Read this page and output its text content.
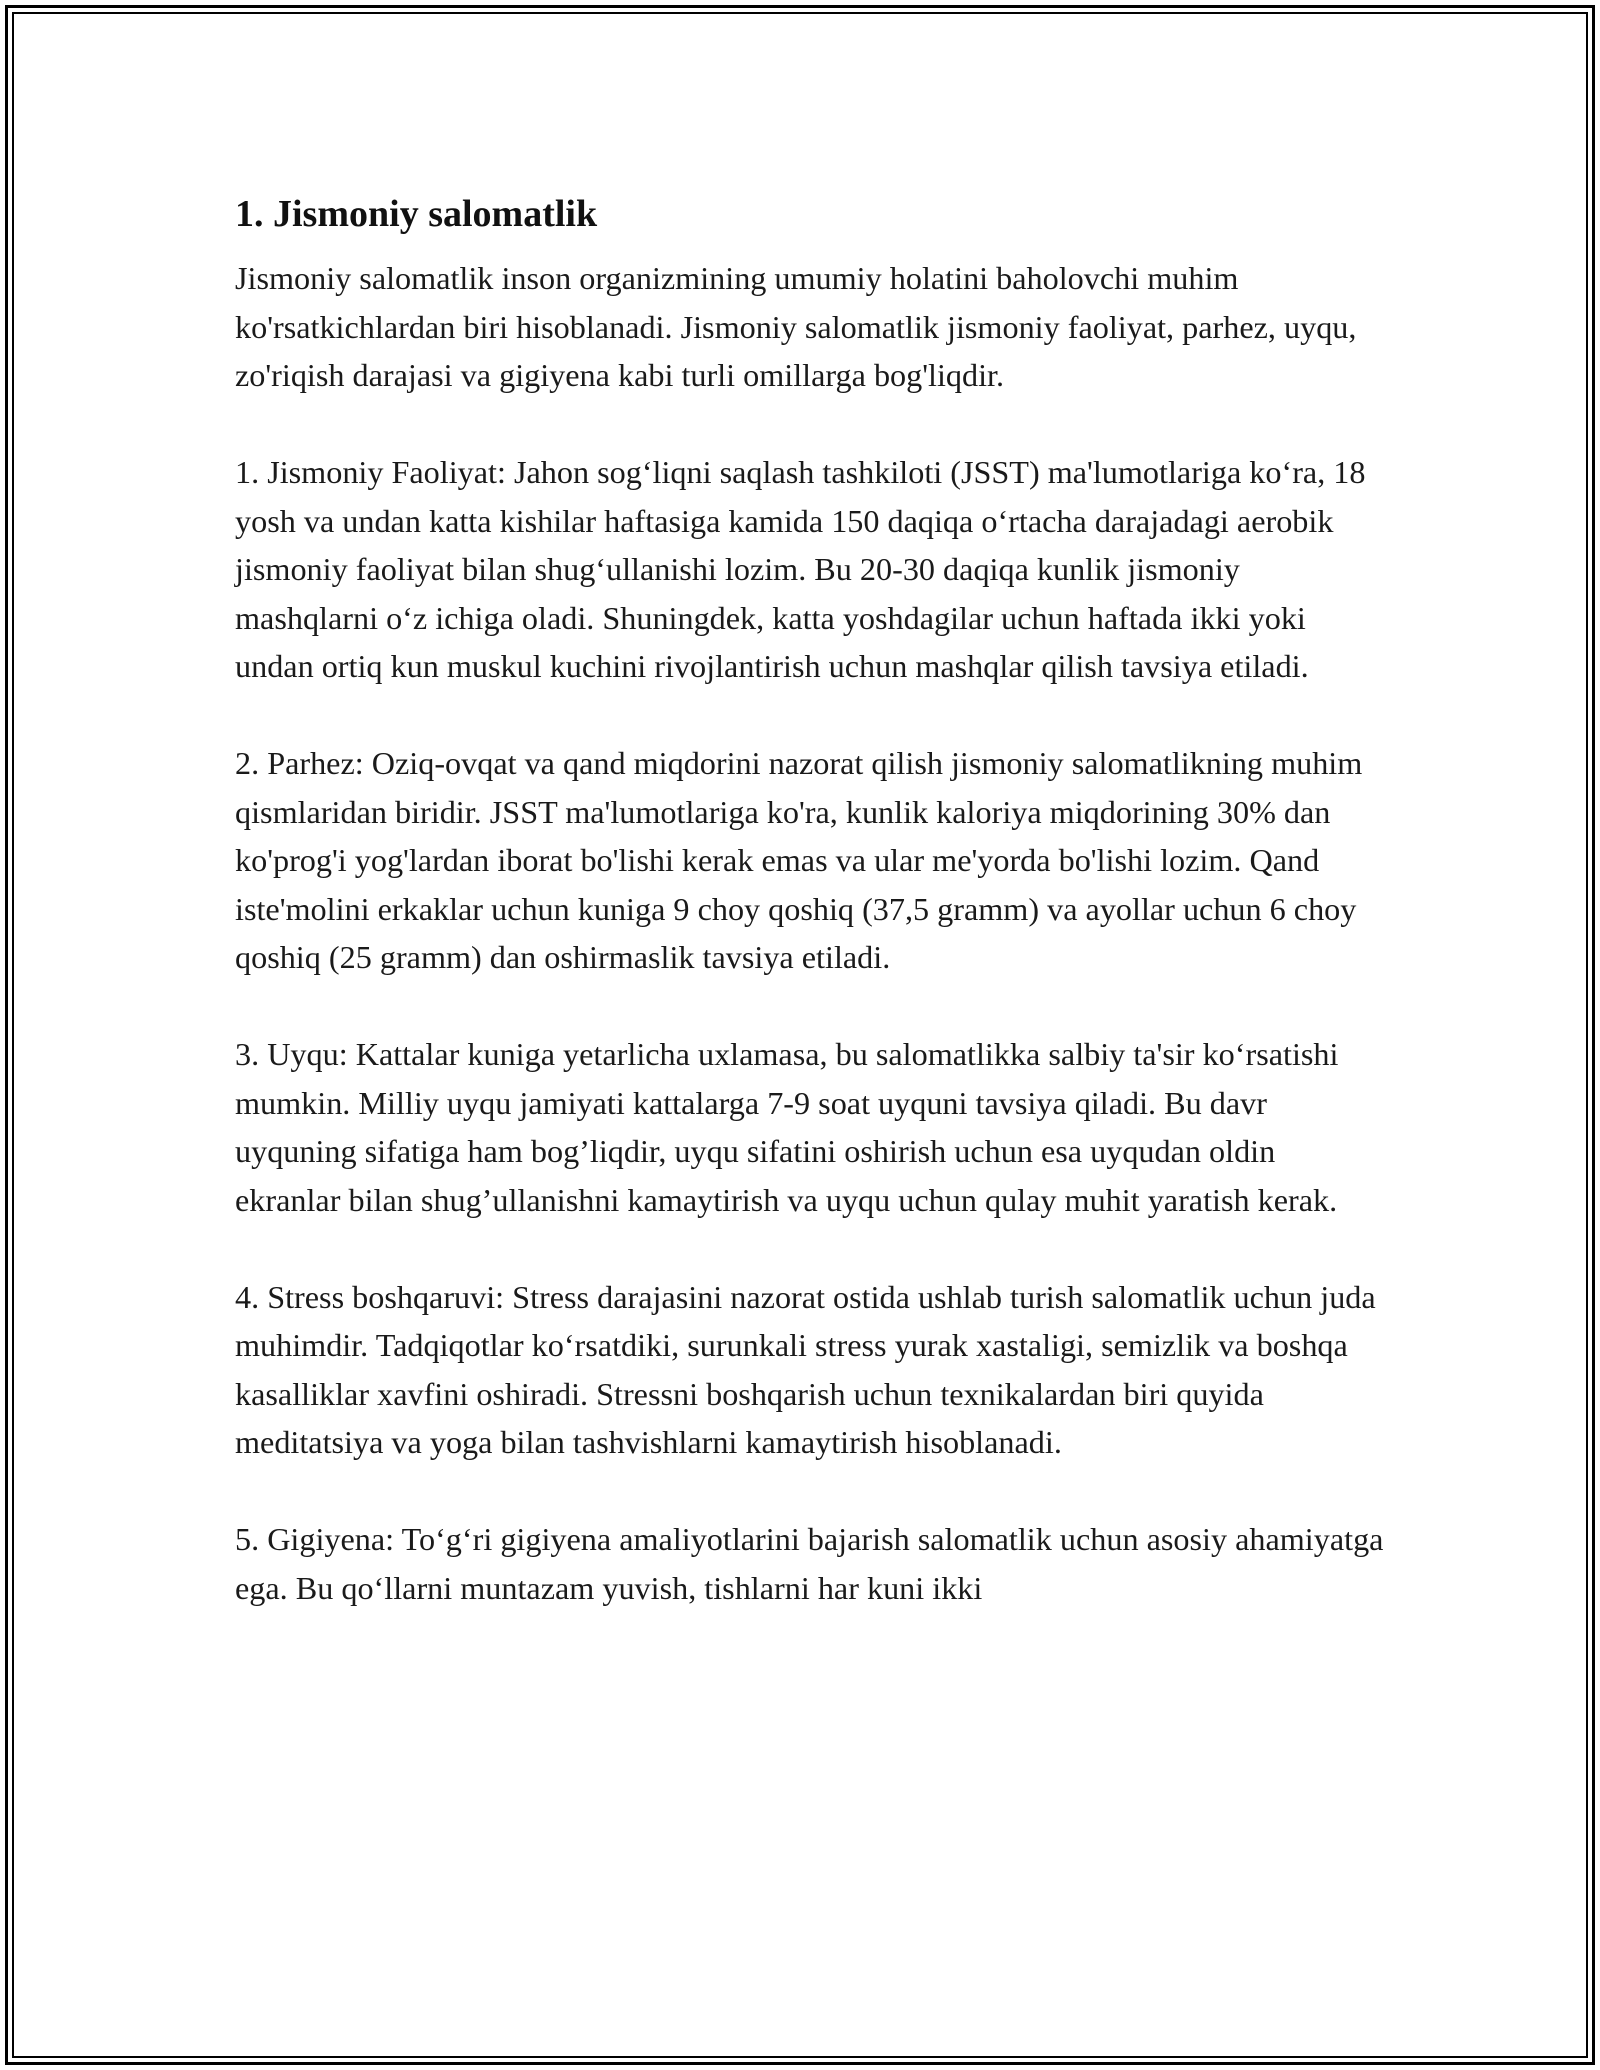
1. Jismoniy salomatlik

Jismoniy salomatlik inson organizmining umumiy holatini baholovchi muhim ko'rsatkichlardan biri hisoblanadi. Jismoniy salomatlik jismoniy faoliyat, parhez, uyqu, zo'riqish darajasi va gigiyena kabi turli omillarga bog'liqdir.

1. Jismoniy Faoliyat: Jahon sog‘liqni saqlash tashkiloti (JSST) ma'lumotlariga ko‘ra, 18 yosh va undan katta kishilar haftasiga kamida 150 daqiqa o‘rtacha darajadagi aerobik jismoniy faoliyat bilan shug‘ullanishi lozim. Bu 20-30 daqiqa kunlik jismoniy mashqlarni o‘z ichiga oladi. Shuningdek, katta yoshdagilar uchun haftada ikki yoki undan ortiq kun muskul kuchini rivojlantirish uchun mashqlar qilish tavsiya etiladi.

2. Parhez: Oziq-ovqat va qand miqdorini nazorat qilish jismoniy salomatlikning muhim qismlaridan biridir. JSST ma'lumotlariga ko'ra, kunlik kaloriya miqdorining 30% dan ko'prog'i yog'lardan iborat bo'lishi kerak emas va ular me'yorda bo'lishi lozim. Qand iste'molini erkaklar uchun kuniga 9 choy qoshiq (37,5 gramm) va ayollar uchun 6 choy qoshiq (25 gramm) dan oshirmaslik tavsiya etiladi.

3. Uyqu: Kattalar kuniga yetarlicha uxlamasa, bu salomatlikka salbiy ta'sir ko‘rsatishi mumkin. Milliy uyqu jamiyati kattalarga 7-9 soat uyquni tavsiya qiladi. Bu davr uyquning sifatiga ham bog’liqdir, uyqu sifatini oshirish uchun esa uyqudan oldin ekranlar bilan shug’ullanishni kamaytirish va uyqu uchun qulay muhit yaratish kerak.

4. Stress boshqaruvi: Stress darajasini nazorat ostida ushlab turish salomatlik uchun juda muhimdir. Tadqiqotlar ko‘rsatdiki, surunkali stress yurak xastaligi, semizlik va boshqa kasalliklar xavfini oshiradi. Stressni boshqarish uchun texnikalardan biri quyida meditatsiya va yoga bilan tashvishlarni kamaytirish hisoblanadi.

5. Gigiyena: To‘g‘ri gigiyena amaliyotlarini bajarish salomatlik uchun asosiy ahamiyatga ega. Bu qo‘llarni muntazam yuvish, tishlarni har kuni ikki
